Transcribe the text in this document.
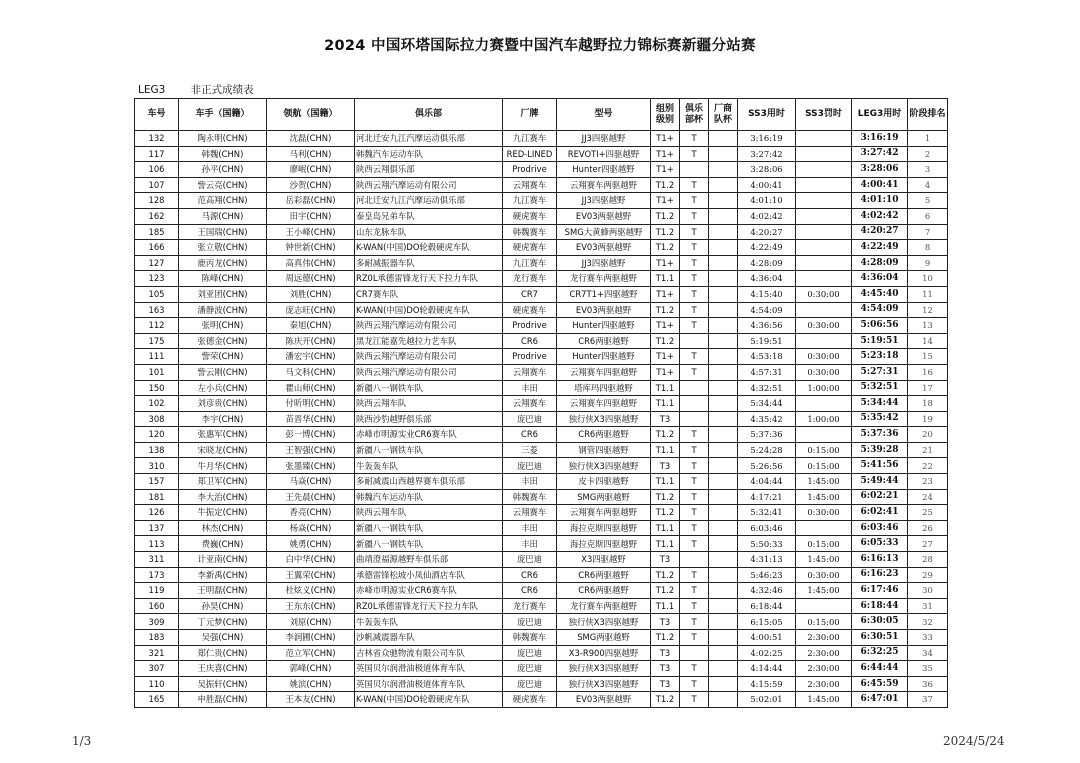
2024 中国环塔国际拉力赛暨中国汽车越野拉力锦标赛新疆分站赛
LEG3 非正式成绩表
车号	车手（国籍）	领航（国籍）	俱乐部	厂牌	型号	组别级别	俱乐部杯	厂商队杯	SS3用时	SS3罚时	LEG3用时	阶段排名
132	陶永明(CHN)	沈磊(CHN)	河北迁安九江汽摩运动俱乐部	九江赛车	JJ3四驱越野	T1+	T		3:16:19		3:16:19	1
117	韩魏(CHN)	马利(CHN)	韩魏汽车运动车队	RED-LINED	REVOTI+四驱越野	T1+	T		3:27:42		3:27:42	2
106	孙平(CHN)	廖岷(CHN)	陕西云翔俱乐部	Prodrive	Hunter四驱越野	T1+			3:28:06		3:28:06	3
107	訾云亮(CHN)	沙贺(CHN)	陕西云翔汽摩运动有限公司	云翔赛车	云翔赛车两驱越野	T1.2	T		4:00:41		4:00:41	4
128	范高翔(CHN)	岳彩磊(CHN)	河北迁安九江汽摩运动俱乐部	九江赛车	JJ3四驱越野	T1+	T		4:01:10		4:01:10	5
162	马源(CHN)	田宇(CHN)	泰皇岛兄弟车队	硬虎赛车	EV03两驱越野	T1.2	T		4:02:42		4:02:42	6
185	王国瑞(CHN)	王小峰(CHN)	山东龙脉车队	韩魏赛车	SMG大黄蜂两驱越野	T1.2	T		4:20:27		4:20:27	7
166	张立敬(CHN)	钟世新(CHN)	K-WAN(中国)DO轮毂硬虎车队	硬虎赛车	EV03两驱越野	T1.2	T		4:22:49		4:22:49	8
127	鹿丙龙(CHN)	高真伟(CHN)	多耐减振器车队	九江赛车	JJ3四驱越野	T1+	T		4:28:09		4:28:09	9
123	陈峰(CHN)	周远德(CHN)	RZ0L承德雷锋龙行天下拉力车队	龙行赛车	龙行赛车两驱越野	T1.1	T		4:36:04		4:36:04	10
105	刘亚团(CHN)	刘胜(CHN)	CR7赛车队	CR7	CR7T1+四驱越野	T1+	T		4:15:40	0:30:00	4:45:40	11
163	潘静波(CHN)	庞志旺(CHN)	K-WAN(中国)DO轮毂硬虎车队	硬虎赛车	EV03两驱越野	T1.2	T		4:54:09		4:54:09	12
112	张明(CHN)	秦旭(CHN)	陕西云翔汽摩运动有限公司	Prodrive	Hunter四驱越野	T1+	T		4:36:56	0:30:00	5:06:56	13
175	张德金(CHN)	陈庆开(CHN)	黑龙江能嘉先越拉力艺车队	CR6	CR6两驱越野	T1.2			5:19:51		5:19:51	14
111	訾荣(CHN)	潘宏宇(CHN)	陕西云翔汽摩运动有限公司	Prodrive	Hunter四驱越野	T1+	T		4:53:18	0:30:00	5:23:18	15
101	訾云刚(CHN)	马文科(CHN)	陕西云翔汽摩运动有限公司	云翔赛车	云翔赛车四驱越野	T1+	T		4:57:31	0:30:00	5:27:31	16
150	左小兵(CHN)	瞿山师(CHN)	新疆八一钢铁车队	丰田	塔库玛四驱越野	T1.1			4:32:51	1:00:00	5:32:51	17
102	刘彦贵(CHN)	付昕明(CHN)	陕西云翔车队	云翔赛车	云翔赛车四驱越野	T1.1			5:34:44		5:34:44	18
308	李宇(CHN)	苗晋华(CHN)	陕西沙豹越野俱乐部	庞巴迪	独行侠X3四驱越野	T3			4:35:42	1:00:00	5:35:42	19
120	张惠军(CHN)	彭一博(CHN)	赤峰市明源实业CR6赛车队	CR6	CR6两驱越野	T1.2	T		5:37:36		5:37:36	20
138	宋晓龙(CHN)	王智强(CHN)	新疆八一钢铁车队	三菱	钢管四驱越野	T1.1	T		5:24:28	0:15:00	5:39:28	21
310	牛月华(CHN)	张墨臻(CHN)	牛轰轰车队	庞巴迪	独行侠X3四驱越野	T3	T		5:26:56	0:15:00	5:41:56	22
157	郑卫军(CHN)	马焱(CHN)	多耐减震山西越界赛车俱乐部	丰田	皮卡四驱越野	T1.1	T		4:04:44	1:45:00	5:49:44	23
181	李大治(CHN)	王先晨(CHN)	韩魏汽车运动车队	韩魏赛车	SMG两驱越野	T1.2	T		4:17:21	1:45:00	6:02:21	24
126	牛振定(CHN)	香亮(CHN)	陕西云翔车队	云翔赛车	云翔赛车两驱越野	T1.2	T		5:32:41	0:30:00	6:02:41	25
137	林杰(CHN)	杨焱(CHN)	新疆八一钢铁车队	丰田	海拉克斯四驱越野	T1.1	T		6:03:46		6:03:46	26
113	费巍(CHN)	姚勇(CHN)	新疆八一钢铁车队	丰田	海拉克斯四驱越野	T1.1	T		5:50:33	0:15:00	6:05:33	27
311	计亚南(CHN)	白中华(CHN)	曲靖澄福源越野车俱乐部	庞巴迪	X3四驱越野	T3			4:31:13	1:45:00	6:16:13	28
173	李新禹(CHN)	王翼荣(CHN)	承德雷锋松坡小凤仙酒店车队	CR6	CR6两驱越野	T1.2	T		5:46:23	0:30:00	6:16:23	29
119	王明磊(CHN)	杜炫义(CHN)	赤峰市明源实业CR6赛车队	CR6	CR6两驱越野	T1.2	T		4:32:46	1:45:00	6:17:46	30
160	孙昊(CHN)	王东东(CHN)	RZ0L承德雷锋龙行天下拉力车队	龙行赛车	龙行赛车两驱越野	T1.1	T		6:18:44		6:18:44	31
309	丁元梦(CHN)	刘原(CHN)	牛轰轰车队	庞巴迪	独行侠X3四驱越野	T3	T		6:15:05	0:15:00	6:30:05	32
183	吴强(CHN)	李润圃(CHN)	沙帆减震器车队	韩魏赛车	SMG两驱越野	T1.2	T		4:00:51	2:30:00	6:30:51	33
321	郑仁贵(CHN)	范立军(CHN)	吉林省众驰物流有限公司车队	庞巴迪	X3-R900四驱越野	T3			4:02:25	2:30:00	6:32:25	34
307	王庆喜(CHN)	郭峰(CHN)	英国贝尔润滑油极道体育车队	庞巴迪	独行侠X3四驱越野	T3	T		4:14:44	2:30:00	6:44:44	35
110	吴振轩(CHN)	姚滨(CHN)	英国贝尔润滑油极道体育车队	庞巴迪	独行侠X3四驱越野	T3	T		4:15:59	2:30:00	6:45:59	36
165	申胜磊(CHN)	王本友(CHN)	K-WAN(中国)DO轮毂硬虎车队	硬虎赛车	EV03两驱越野	T1.2	T		5:02:01	1:45:00	6:47:01	37
1/3	2024/5/24
